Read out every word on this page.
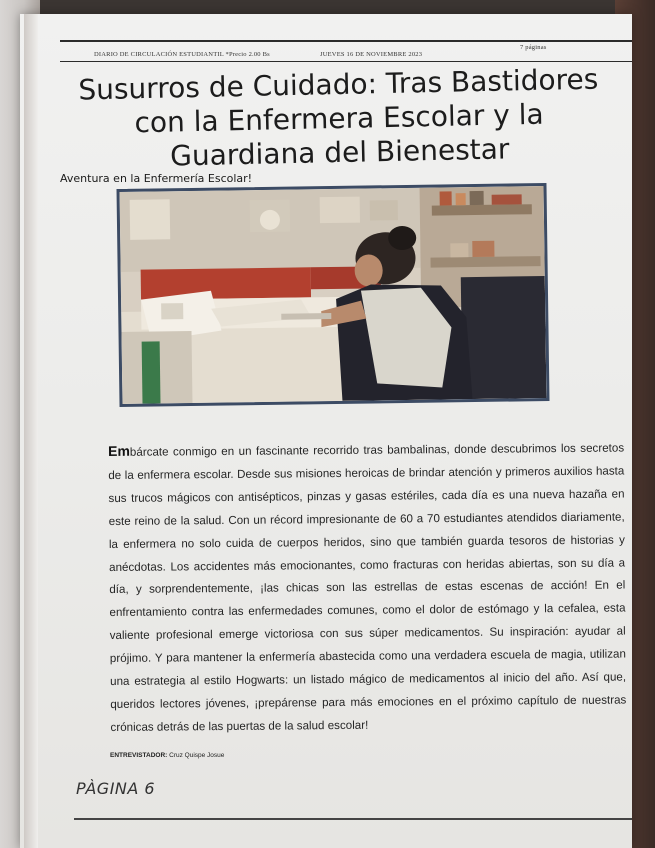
DIARIO DE CIRCULACIÓN ESTUDIANTIL *Precio 2.00 Bs	JUEVES 16 DE NOVIEMBRE 2023
7 páginas
Susurros de Cuidado: Tras Bastidores con la Enfermera Escolar y la Guardiana del Bienestar
Aventura en la Enfermería Escolar!

Embárcate conmigo en un fascinante recorrido tras bambalinas, donde descubrimos los secretos de la enfermera escolar. Desde sus misiones heroicas de brindar atención y primeros auxilios hasta sus trucos mágicos con antisépticos, pinzas y gasas estériles, cada día es una nueva hazaña en este reino de la salud. Con un récord impresionante de 60 a 70 estudiantes atendidos diariamente, la enfermera no solo cuida de cuerpos heridos, sino que también guarda tesoros de historias y anécdotas. Los accidentes más emocionantes, como fracturas con heridas abiertas, son su día a día, y sorprendentemente, ¡las chicas son las estrellas de estas escenas de acción! En el enfrentamiento contra las enfermedades comunes, como el dolor de estómago y la cefalea, esta valiente profesional emerge victoriosa con sus súper medicamentos. Su inspiración: ayudar al prójimo. Y para mantener la enfermería abastecida como una verdadera escuela de magia, utilizan una estrategia al estilo Hogwarts: un listado mágico de medicamentos al inicio del año. Así que, queridos lectores jóvenes, ¡prepárense para más emociones en el próximo capítulo de nuestras crónicas detrás de las puertas de la salud escolar!

ENTREVISTADOR: Cruz Quispe Josue
PÀGINA 6
